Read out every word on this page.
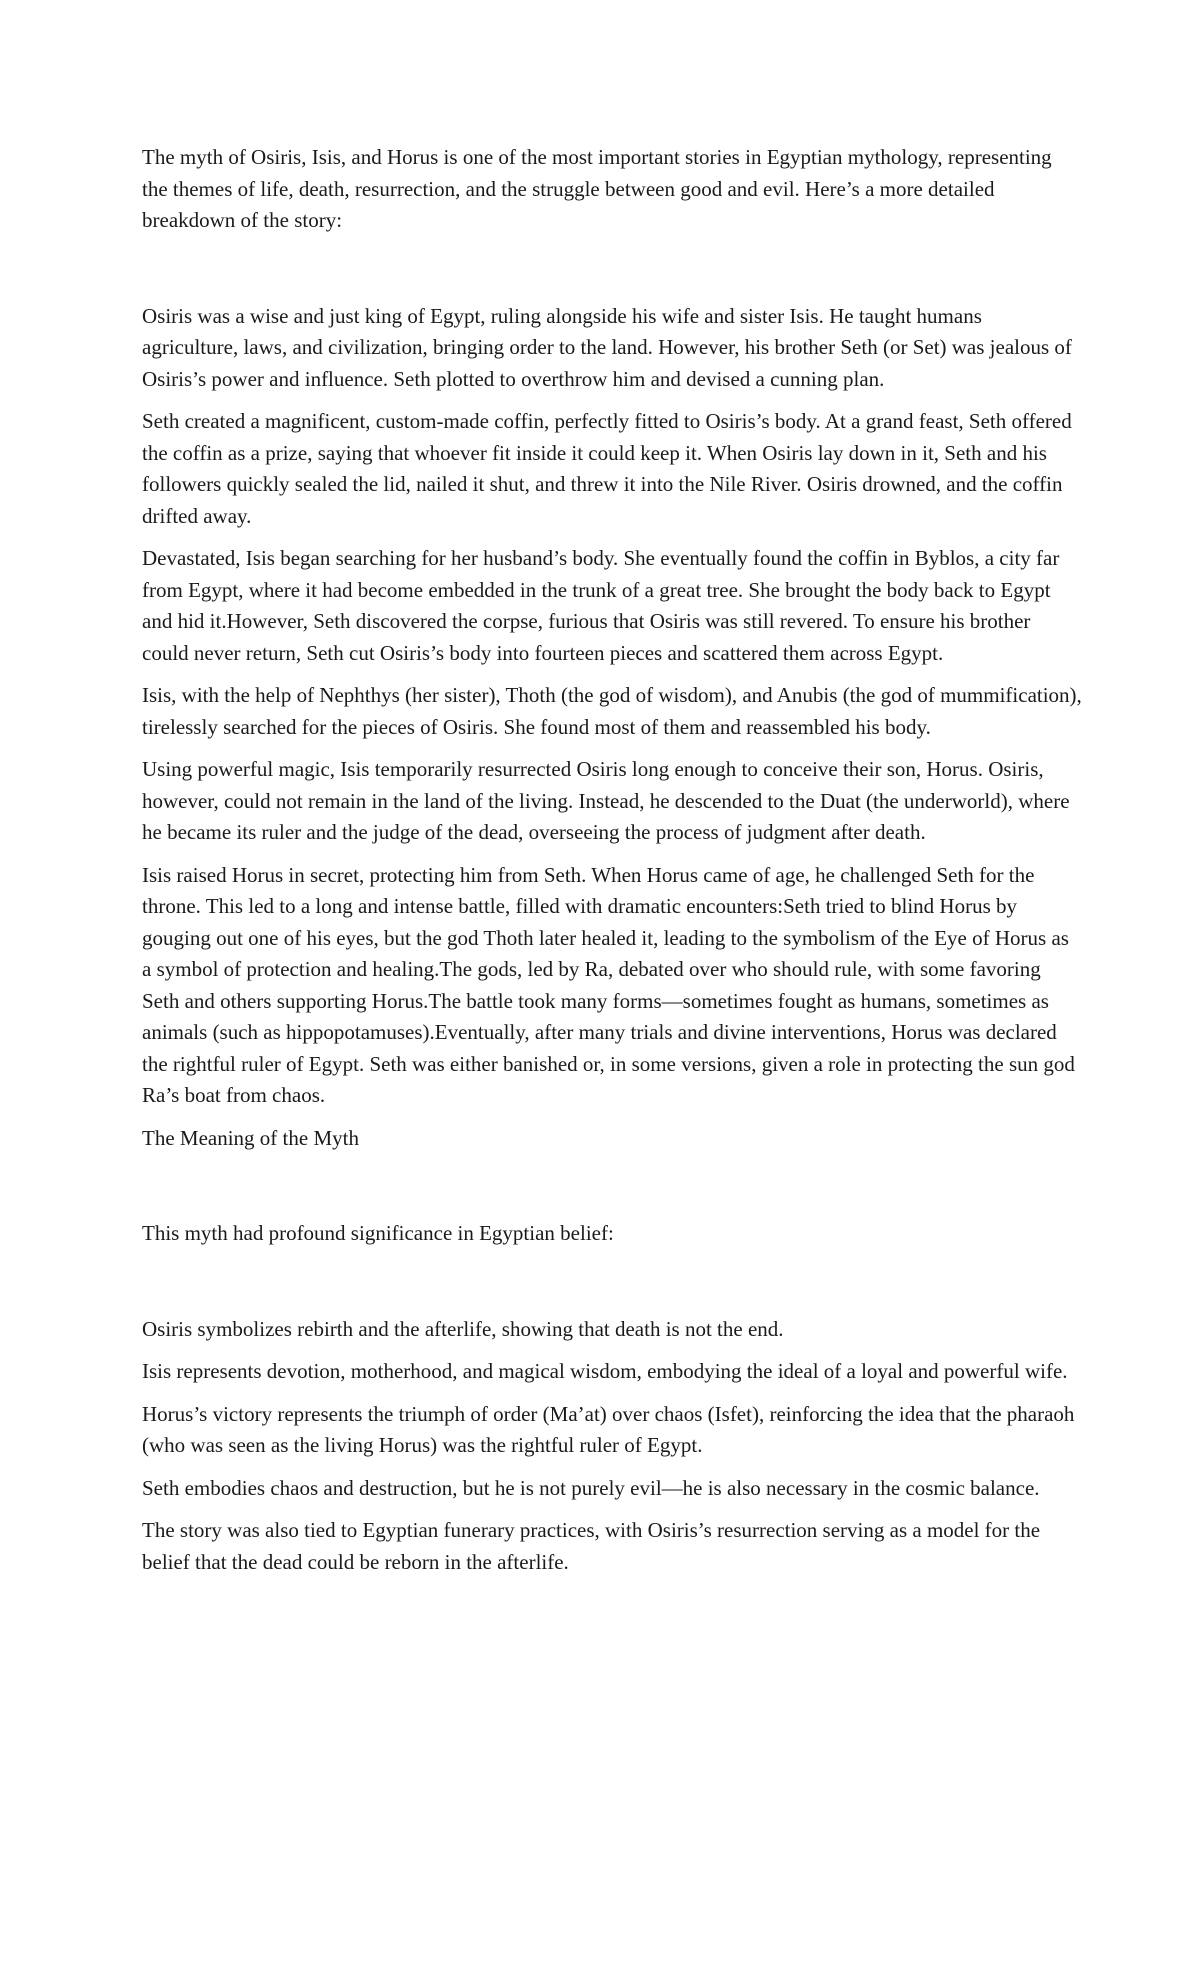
The myth of Osiris, Isis, and Horus is one of the most important stories in Egyptian mythology, representing the themes of life, death, resurrection, and the struggle between good and evil. Here’s a more detailed breakdown of the story:

Osiris was a wise and just king of Egypt, ruling alongside his wife and sister Isis. He taught humans agriculture, laws, and civilization, bringing order to the land. However, his brother Seth (or Set) was jealous of Osiris’s power and influence. Seth plotted to overthrow him and devised a cunning plan.

Seth created a magnificent, custom-made coffin, perfectly fitted to Osiris’s body. At a grand feast, Seth offered the coffin as a prize, saying that whoever fit inside it could keep it. When Osiris lay down in it, Seth and his followers quickly sealed the lid, nailed it shut, and threw it into the Nile River. Osiris drowned, and the coffin drifted away.

Devastated, Isis began searching for her husband’s body. She eventually found the coffin in Byblos, a city far from Egypt, where it had become embedded in the trunk of a great tree. She brought the body back to Egypt and hid it.However, Seth discovered the corpse, furious that Osiris was still revered. To ensure his brother could never return, Seth cut Osiris’s body into fourteen pieces and scattered them across Egypt.

Isis, with the help of Nephthys (her sister), Thoth (the god of wisdom), and Anubis (the god of mummification), tirelessly searched for the pieces of Osiris. She found most of them and reassembled his body.

Using powerful magic, Isis temporarily resurrected Osiris long enough to conceive their son, Horus. Osiris, however, could not remain in the land of the living. Instead, he descended to the Duat (the underworld), where he became its ruler and the judge of the dead, overseeing the process of judgment after death.

Isis raised Horus in secret, protecting him from Seth. When Horus came of age, he challenged Seth for the throne. This led to a long and intense battle, filled with dramatic encounters:Seth tried to blind Horus by gouging out one of his eyes, but the god Thoth later healed it, leading to the symbolism of the Eye of Horus as a symbol of protection and healing.The gods, led by Ra, debated over who should rule, with some favoring Seth and others supporting Horus.The battle took many forms—sometimes fought as humans, sometimes as animals (such as hippopotamuses).Eventually, after many trials and divine interventions, Horus was declared the rightful ruler of Egypt. Seth was either banished or, in some versions, given a role in protecting the sun god Ra’s boat from chaos.

The Meaning of the Myth

This myth had profound significance in Egyptian belief:

Osiris symbolizes rebirth and the afterlife, showing that death is not the end.

Isis represents devotion, motherhood, and magical wisdom, embodying the ideal of a loyal and powerful wife.

Horus’s victory represents the triumph of order (Ma’at) over chaos (Isfet), reinforcing the idea that the pharaoh (who was seen as the living Horus) was the rightful ruler of Egypt.

Seth embodies chaos and destruction, but he is not purely evil—he is also necessary in the cosmic balance.

The story was also tied to Egyptian funerary practices, with Osiris’s resurrection serving as a model for the belief that the dead could be reborn in the afterlife.
